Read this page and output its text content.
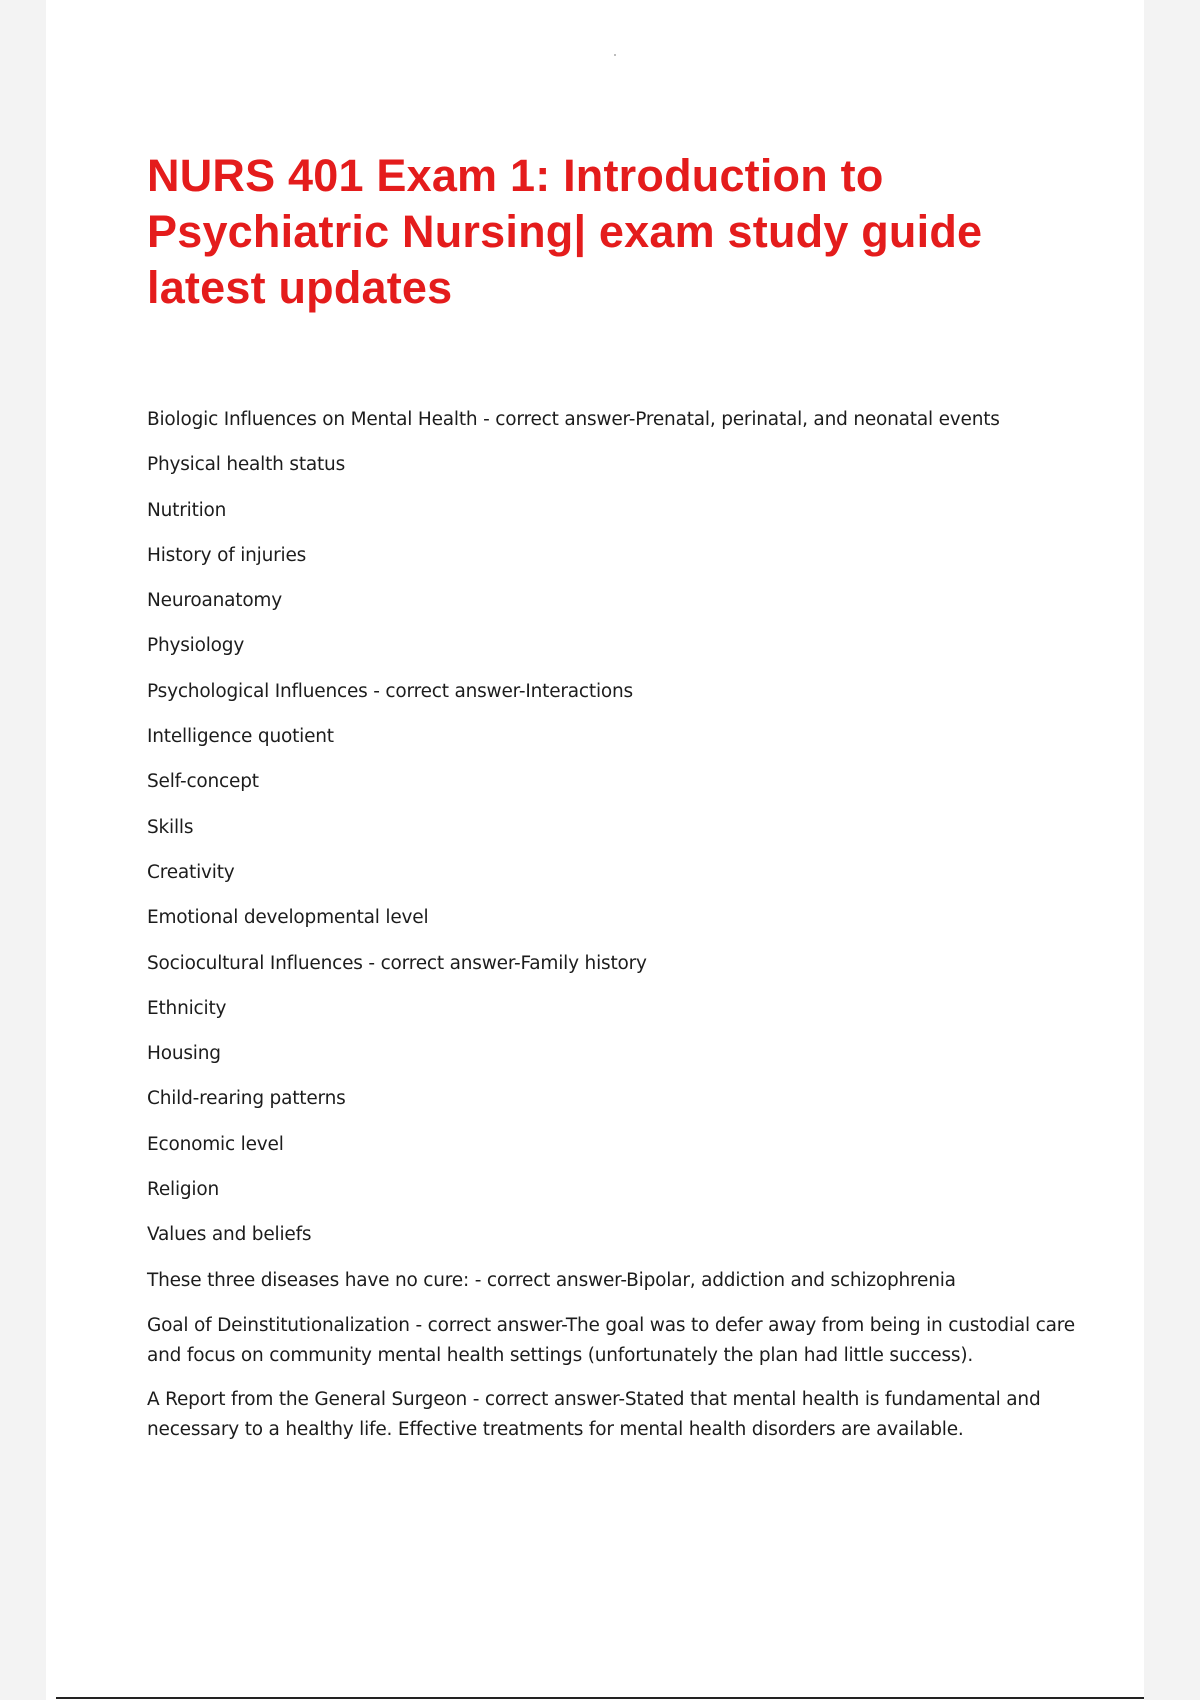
NURS 401 Exam 1: Introduction to Psychiatric Nursing| exam study guide latest updates

Biologic Influences on Mental Health - correct answer-Prenatal, perinatal, and neonatal events

Physical health status

Nutrition

History of injuries

Neuroanatomy

Physiology

Psychological Influences - correct answer-Interactions

Intelligence quotient

Self-concept

Skills

Creativity

Emotional developmental level

Sociocultural Influences - correct answer-Family history

Ethnicity

Housing

Child-rearing patterns

Economic level

Religion

Values and beliefs

These three diseases have no cure: - correct answer-Bipolar, addiction and schizophrenia

Goal of Deinstitutionalization - correct answer-The goal was to defer away from being in custodial care and focus on community mental health settings (unfortunately the plan had little success).

A Report from the General Surgeon - correct answer-Stated that mental health is fundamental and necessary to a healthy life. Effective treatments for mental health disorders are available.
